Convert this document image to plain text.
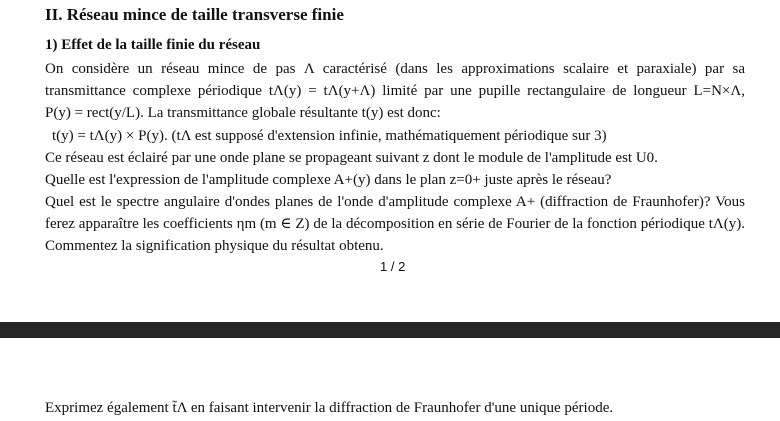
II. Réseau mince de taille transverse finie
1) Effet de la taille finie du réseau
On considère un réseau mince de pas Λ caractérisé (dans les approximations scalaire et paraxiale) par sa
transmittance complexe périodique tΛ(y) = tΛ(y+Λ) limité par une pupille rectangulaire de longueur L=N×Λ,
P(y) = rect(y/L). La transmittance globale résultante t(y) est donc:
t(y) = tΛ(y) × P(y). (tΛ est supposé d'extension infinie, mathématiquement périodique sur 3)
Ce réseau est éclairé par une onde plane se propageant suivant z dont le module de l'amplitude est U0.
Quelle est l'expression de l'amplitude complexe A+(y) dans le plan z=0+ juste après le réseau?
Quel est le spectre angulaire d'ondes planes de l'onde d'amplitude complexe A+ (diffraction de Fraunhofer)? Vous
ferez apparaître les coefficients ηm (m ∈ Z) de la décomposition en série de Fourier de la fonction périodique tΛ(y).
Commentez la signification physique du résultat obtenu.
1 / 2
Exprimez également t̃Λ en faisant intervenir la diffraction de Fraunhofer d'une unique période.
